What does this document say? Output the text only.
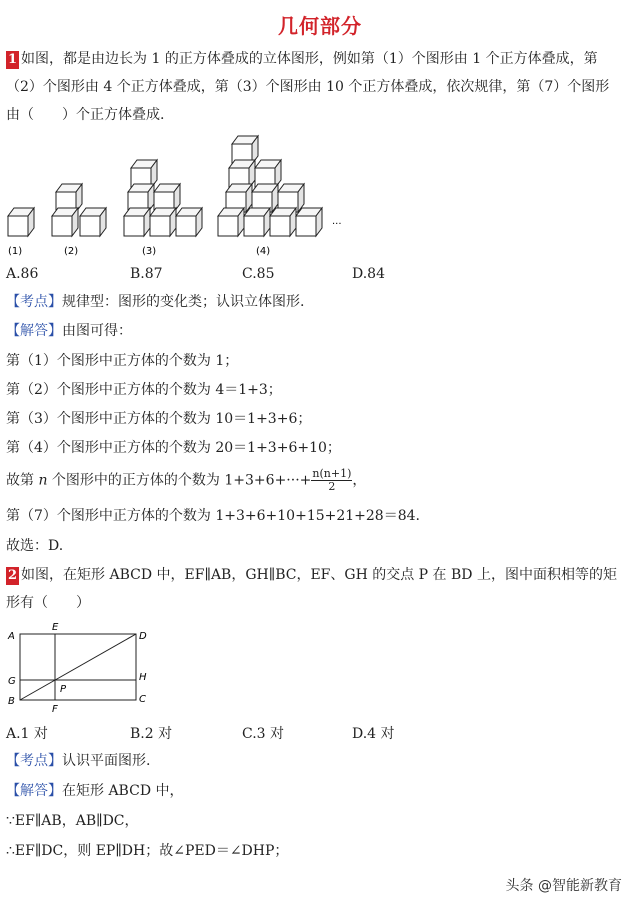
几何部分
1 如图，都是由边长为 1 的正方体叠成的立体图形，例如第（1）个图形由 1 个正方体叠成，第
（2）个图形由 4 个正方体叠成，第（3）个图形由 10 个正方体叠成，依次规律，第（7）个图形
由（　　）个正方体叠成.
(1)	(2)	(3)	(4)
...
A.86	B.87	C.85	D.84
【考点】规律型：图形的变化类；认识立体图形.
【解答】由图可得：
第（1）个图形中正方体的个数为 1；
第（2）个图形中正方体的个数为 4＝1+3；
第（3）个图形中正方体的个数为 10＝1+3+6；
第（4）个图形中正方体的个数为 20＝1+3+6+10；
故第 n 个图形中的正方体的个数为 $1+3+6+\cdot\cdot\cdot+ \frac{n(n+1)}{2}$ ，
第（7）个图形中正方体的个数为 1+3+6+10+15+21+28＝84.
故选：D.
2 如图，在矩形 ABCD 中，EF∥AB，GH∥BC，EF、GH 的交点 P 在 BD 上，图中面积相等的矩
形有（　　）
A
E
D
G
P
H
B
F
C
A.1 对	B.2 对	C.3 对	D.4 对
【考点】认识平面图形.
【解答】在矩形 ABCD 中，
∵EF∥AB，AB∥DC，
∴EF∥DC，则 EP∥DH；故∠PED＝∠DHP；
头条 @智能新教育
